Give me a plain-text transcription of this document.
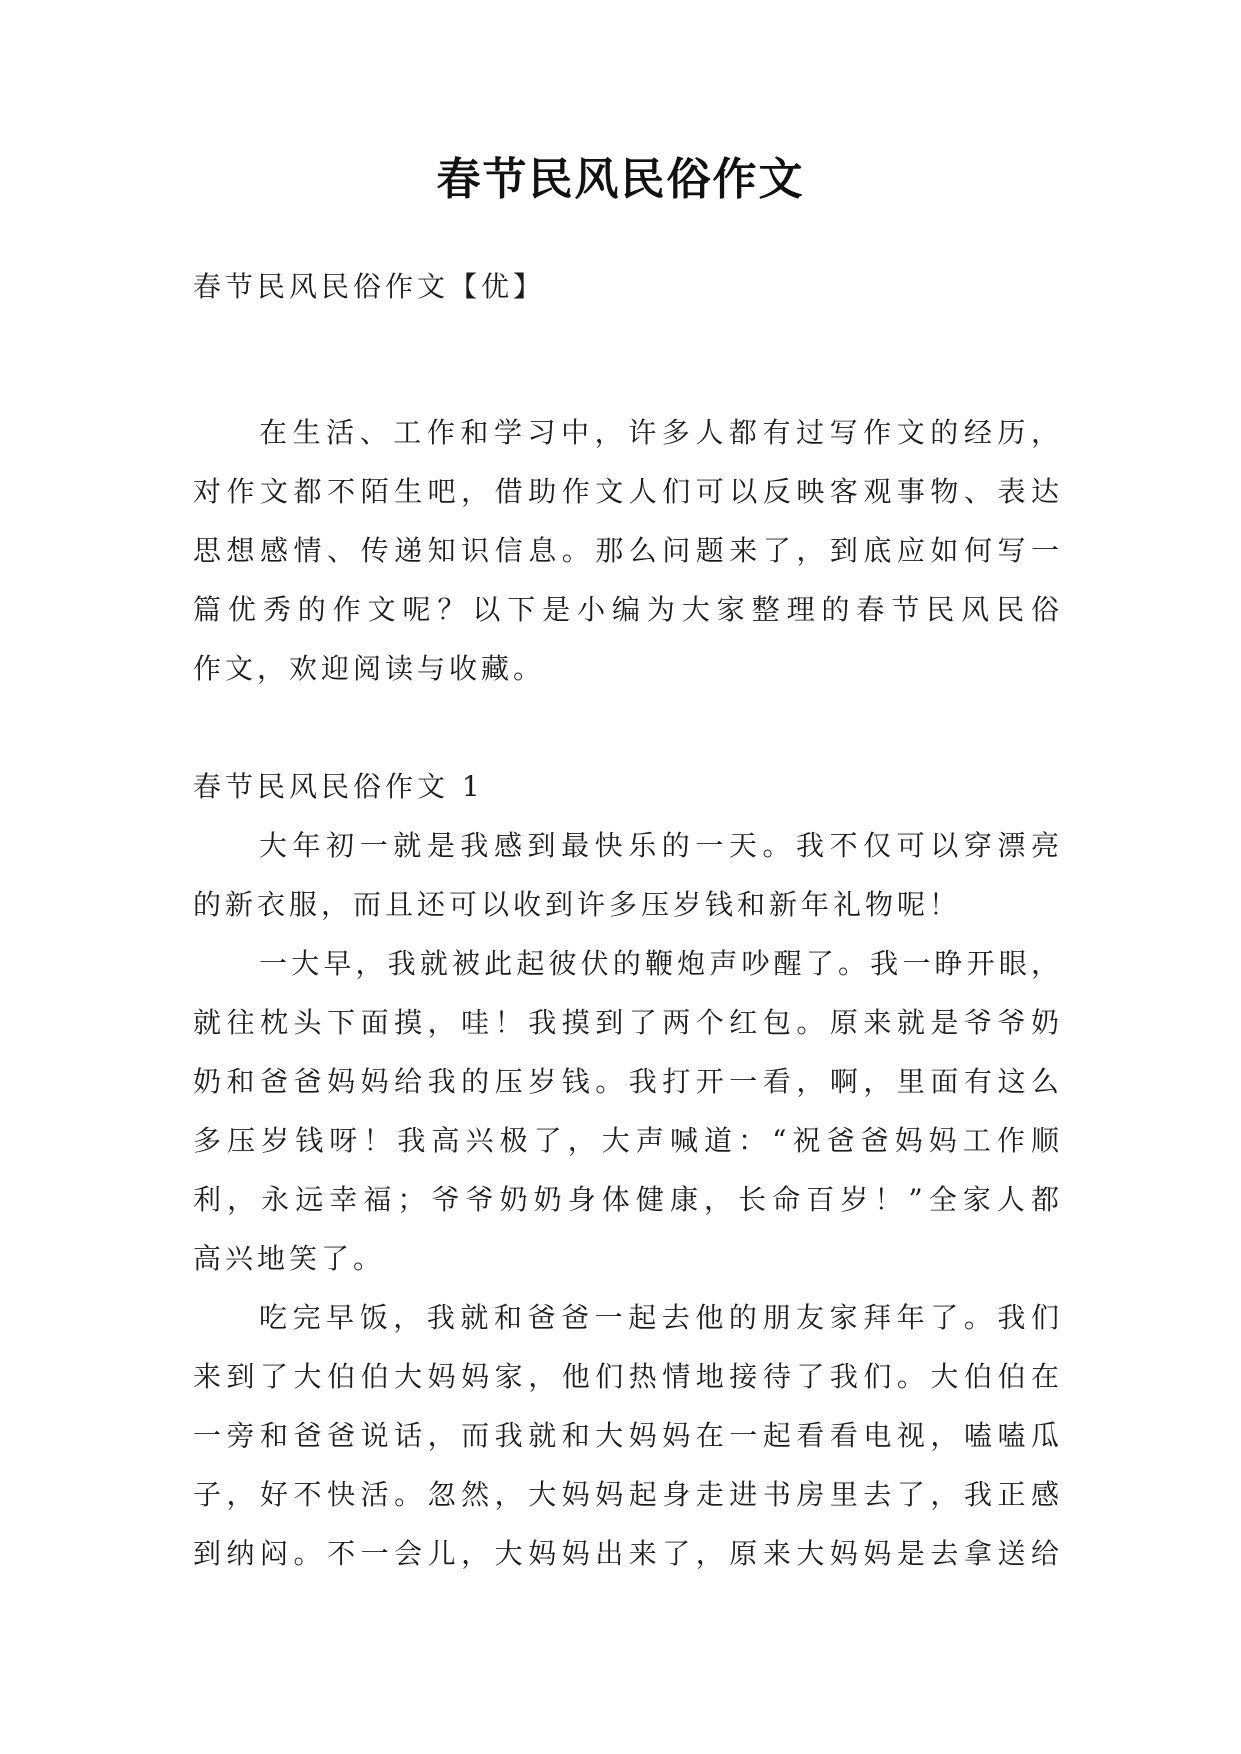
春节民风民俗作文
春节民风民俗作文【优】
在生活、工作和学习中，许多人都有过写作文的经历，
对作文都不陌生吧，借助作文人们可以反映客观事物、表达
思想感情、传递知识信息。那么问题来了，到底应如何写一
篇优秀的作文呢？以下是小编为大家整理的春节民风民俗
作文，欢迎阅读与收藏。
春节民风民俗作文 1
大年初一就是我感到最快乐的一天。我不仅可以穿漂亮
的新衣服，而且还可以收到许多压岁钱和新年礼物呢！
一大早，我就被此起彼伏的鞭炮声吵醒了。我一睁开眼，
就往枕头下面摸，哇！我摸到了两个红包。原来就是爷爷奶
奶和爸爸妈妈给我的压岁钱。我打开一看，啊，里面有这么
多压岁钱呀！我高兴极了，大声喊道：“祝爸爸妈妈工作顺
利，永远幸福；爷爷奶奶身体健康，长命百岁！”全家人都
高兴地笑了。
吃完早饭，我就和爸爸一起去他的朋友家拜年了。我们
来到了大伯伯大妈妈家，他们热情地接待了我们。大伯伯在
一旁和爸爸说话，而我就和大妈妈在一起看看电视，嗑嗑瓜
子，好不快活。忽然，大妈妈起身走进书房里去了，我正感
到纳闷。不一会儿，大妈妈出来了，原来大妈妈是去拿送给
